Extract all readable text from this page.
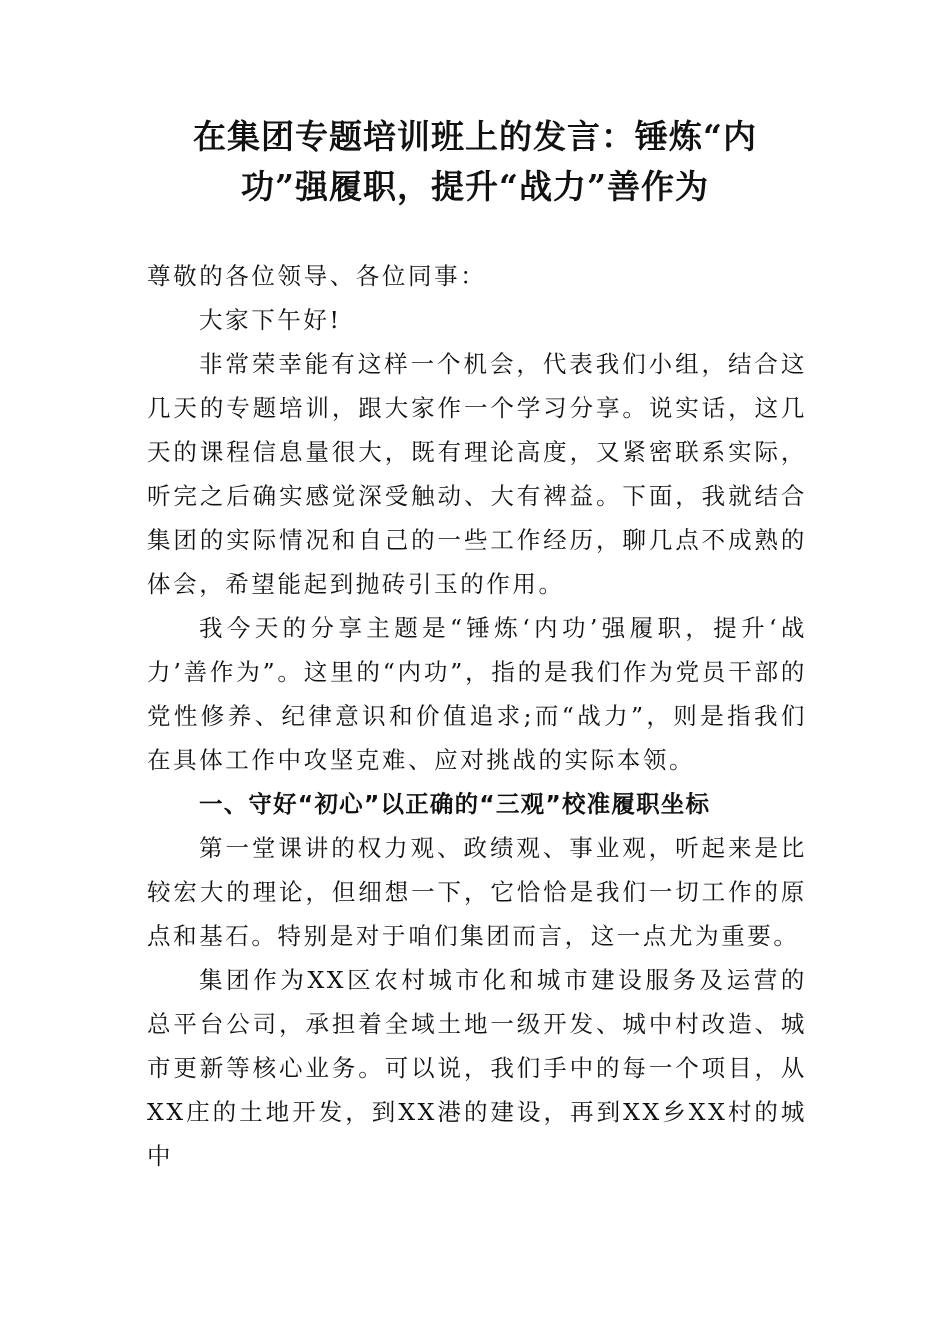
在集团专题培训班上的发言：锤炼“内功”强履职，提升“战力”善作为

尊敬的各位领导、各位同事：

大家下午好!

非常荣幸能有这样一个机会，代表我们小组，结合这几天的专题培训，跟大家作一个学习分享。说实话，这几天的课程信息量很大，既有理论高度，又紧密联系实际，听完之后确实感觉深受触动、大有裨益。下面，我就结合集团的实际情况和自己的一些工作经历，聊几点不成熟的体会，希望能起到抛砖引玉的作用。

我今天的分享主题是“锤炼‘内功’强履职，提升‘战力’善作为”。这里的“内功”，指的是我们作为党员干部的党性修养、纪律意识和价值追求;而“战力”，则是指我们在具体工作中攻坚克难、应对挑战的实际本领。

一、守好“初心”以正确的“三观”校准履职坐标

第一堂课讲的权力观、政绩观、事业观，听起来是比较宏大的理论，但细想一下，它恰恰是我们一切工作的原点和基石。特别是对于咱们集团而言，这一点尤为重要。

集团作为XX区农村城市化和城市建设服务及运营的总平台公司，承担着全域土地一级开发、城中村改造、城市更新等核心业务。可以说，我们手中的每一个项目，从XX庄的土地开发，到XX港的建设，再到XX乡XX村的城中
